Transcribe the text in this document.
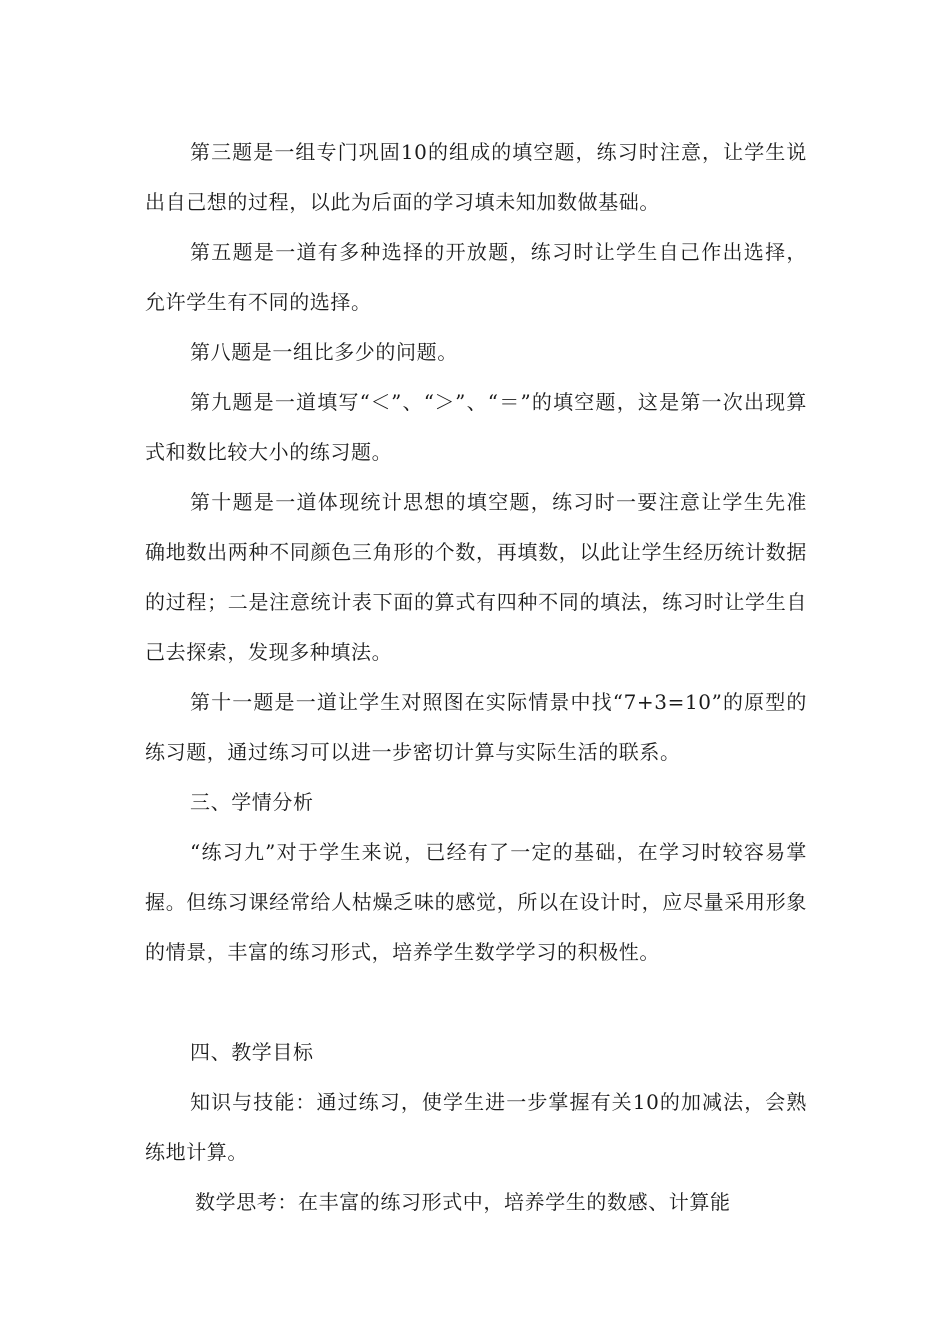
第三题是一组专门巩固10的组成的填空题，练习时注意，让学生说出自己想的过程，以此为后面的学习填未知加数做基础。

第五题是一道有多种选择的开放题，练习时让学生自己作出选择，允许学生有不同的选择。

第八题是一组比多少的问题。

第九题是一道填写“＜”、“＞”、“＝”的填空题，这是第一次出现算式和数比较大小的练习题。

第十题是一道体现统计思想的填空题，练习时一要注意让学生先准确地数出两种不同颜色三角形的个数，再填数，以此让学生经历统计数据的过程；二是注意统计表下面的算式有四种不同的填法，练习时让学生自己去探索，发现多种填法。

第十一题是一道让学生对照图在实际情景中找“7+3=10”的原型的练习题，通过练习可以进一步密切计算与实际生活的联系。

三、学情分析

“练习九”对于学生来说，已经有了一定的基础，在学习时较容易掌握。但练习课经常给人枯燥乏味的感觉，所以在设计时，应尽量采用形象的情景，丰富的练习形式，培养学生数学学习的积极性。

四、教学目标

知识与技能：通过练习，使学生进一步掌握有关10的加减法，会熟练地计算。

数学思考：在丰富的练习形式中，培养学生的数感、计算能
